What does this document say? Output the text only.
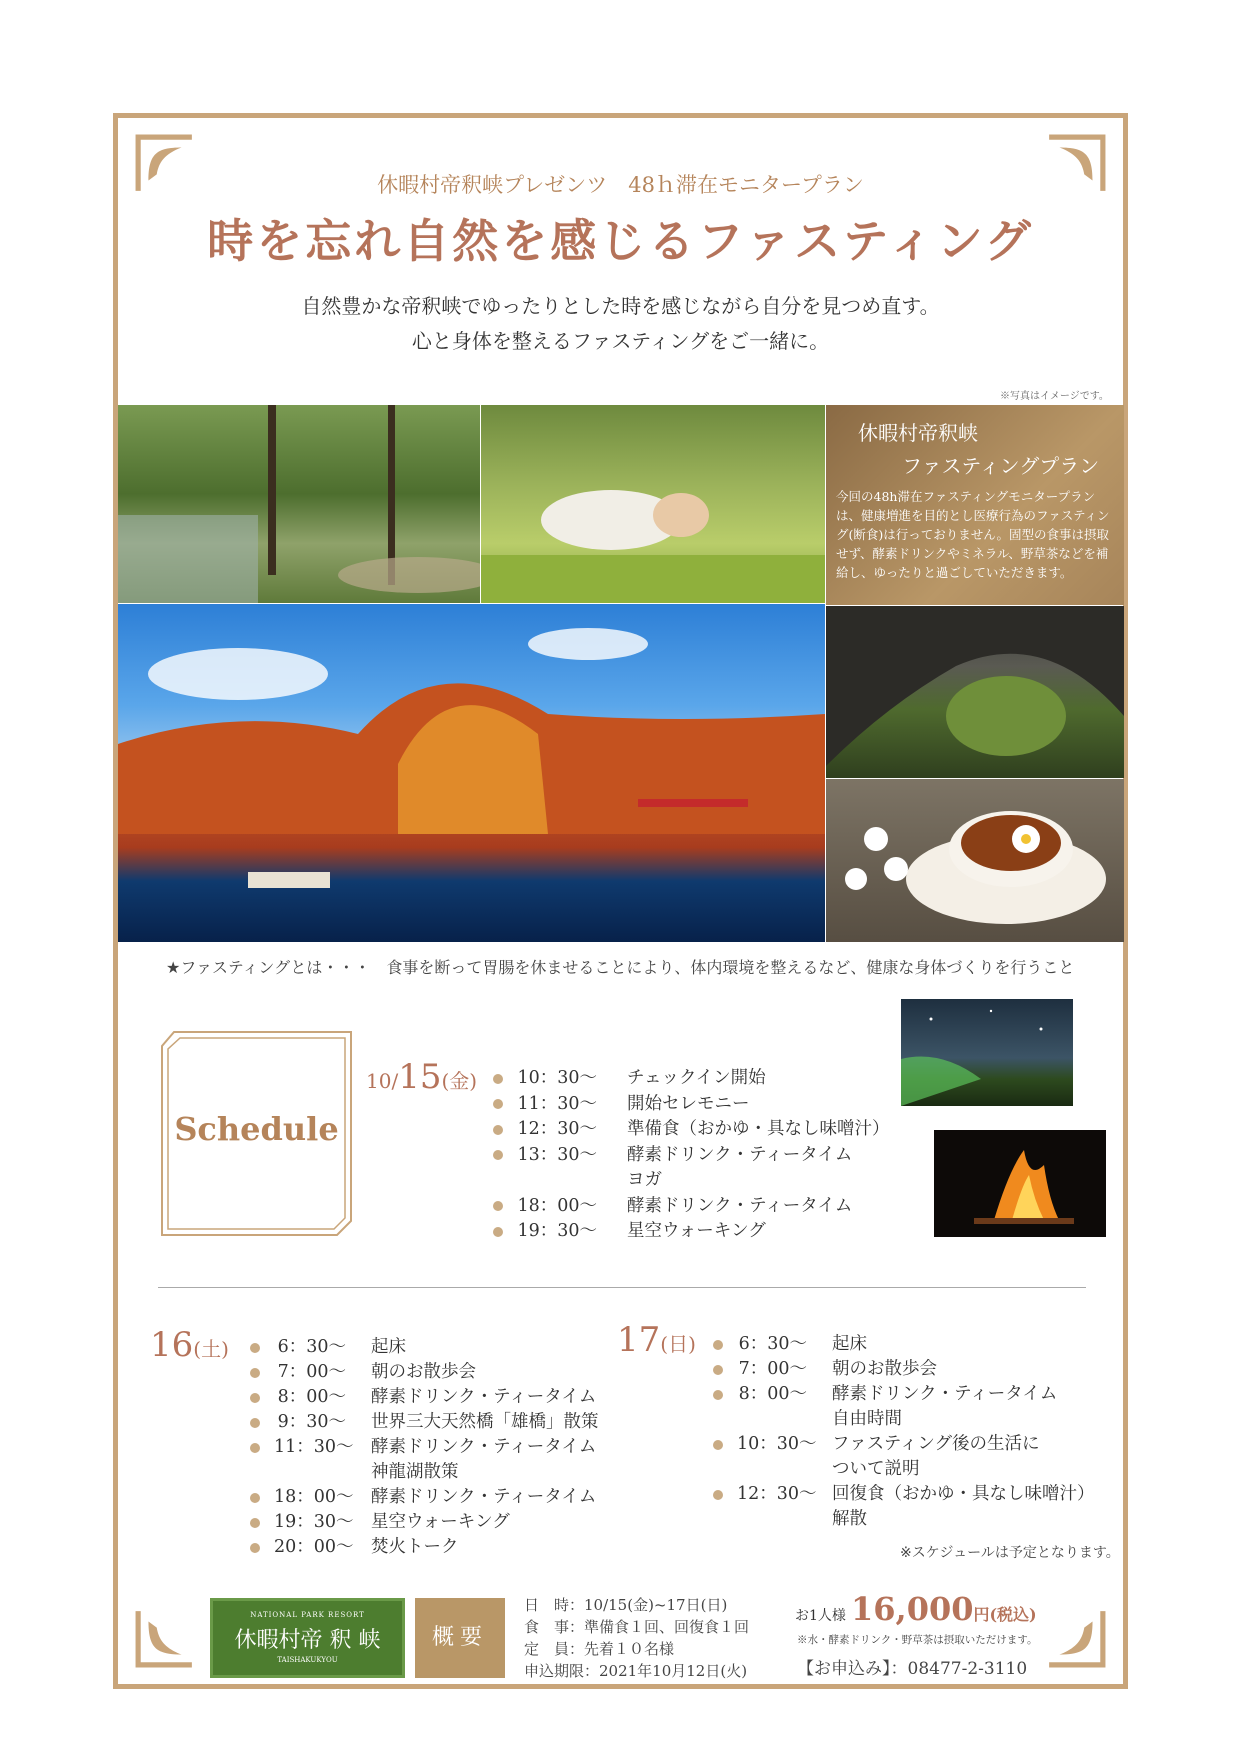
休暇村帝釈峡プレゼンツ　48ｈ滞在モニタープラン
時を忘れ自然を感じるファスティング
自然豊かな帝釈峡でゆったりとした時を感じながら自分を見つめ直す。
心と身体を整えるファスティングをご一緒に。
※写真はイメージです。
休暇村帝釈峡
ファスティングプラン
今回の48h滞在ファスティングモニタープランは、健康増進を目的とし医療行為のファスティング(断食)は行っておりません。固型の食事は摂取せず、酵素ドリンクやミネラル、野草茶などを補給し、ゆったりと過ごしていただきます。
★ファスティングとは・・・　食事を断って胃腸を休ませることにより、体内環境を整えるなど、健康な身体づくりを行うこと
Schedule
10/15(金)	10：30～ チェックイン開始
11：30～ 開始セレモニー
12：30～ 準備食（おかゆ・具なし味噌汁）
13：30～ 酵素ドリンク・ティータイム
ヨガ
18：00～ 酵素ドリンク・ティータイム
19：30～ 星空ウォーキング
16(土)	6：30～ 起床
7：00～ 朝のお散歩会
8：00～ 酵素ドリンク・ティータイム
9：30～ 世界三大天然橋「雄橋」散策
11：30～ 酵素ドリンク・ティータイム
神龍湖散策
18：00～ 酵素ドリンク・ティータイム
19：30～ 星空ウォーキング
20：00～ 焚火トーク
17(日)	6：30～ 起床
7：00～ 朝のお散歩会
8：00～ 酵素ドリンク・ティータイム
自由時間
10：30～ ファスティング後の生活に
ついて説明
12：30～ 回復食（おかゆ・具なし味噌汁）
解散
※スケジュールは予定となります。
NATIONAL PARK RESORT
休暇村帝 釈 峡
TAISHAKUKYOU
概要
日　時：10/15(金)~17日(日)
食　事：準備食１回、回復食１回
定　員：先着１０名様
申込期限：2021年10月12日(火)
お1人様 16,000円(税込)
※水・酵素ドリンク・野草茶は摂取いただけます。
【お申込み】：08477-2-3110
